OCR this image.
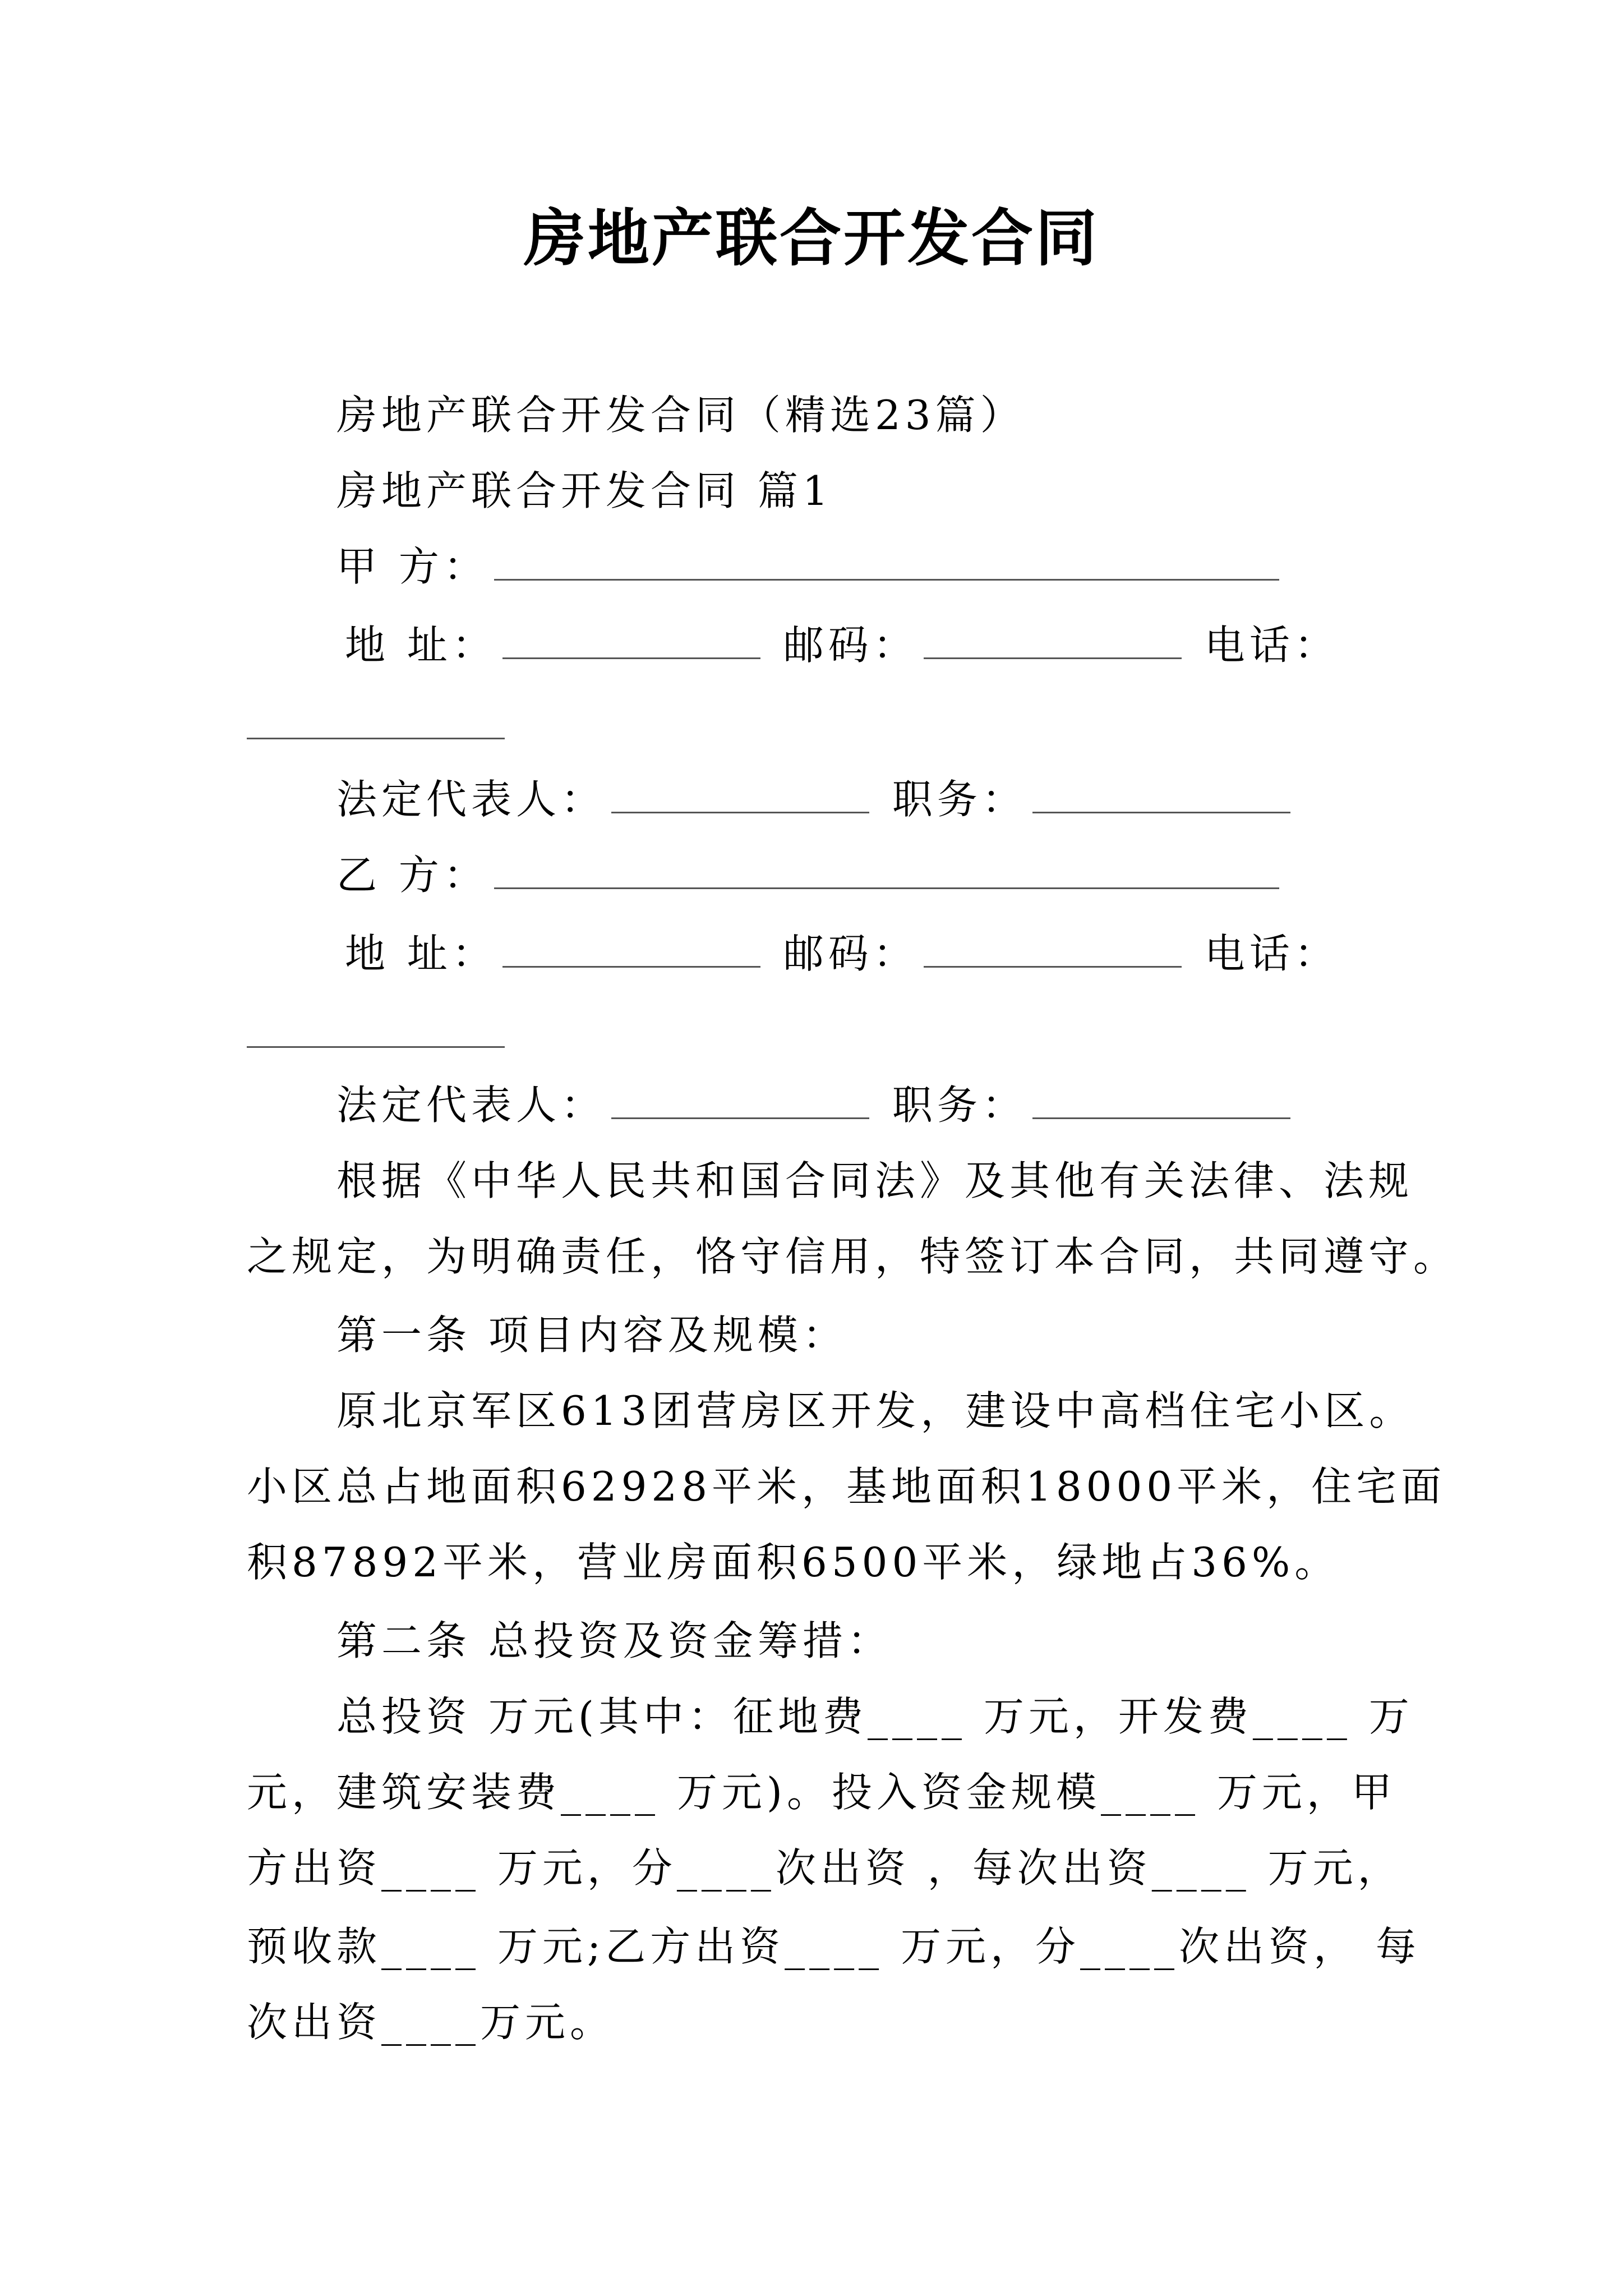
房地产联合开发合同
房地产联合开发合同（精选23篇）
房地产联合开发合同 篇1
甲 方：
地 址：	邮码：	电话：
法定代表人：	职务：
乙 方：
地 址：	邮码：	电话：
法定代表人：	职务：
根据《中华人民共和国合同法》及其他有关法律、法规
之规定，为明确责任，恪守信用，特签订本合同，共同遵守。
第一条 项目内容及规模：
原北京军区613团营房区开发，建设中高档住宅小区。
小区总占地面积62928平米，基地面积18000平米，住宅面
积87892平米，营业房面积6500平米，绿地占36%。
第二条 总投资及资金筹措：
总投资 万元(其中：征地费____ 万元，开发费____ 万
元，建筑安装费____ 万元)。投入资金规模____ 万元，甲
方出资____ 万元，分____次出资 ，每次出资____ 万元，
预收款____ 万元;乙方出资____ 万元，分____次出资， 每
次出资____万元。
